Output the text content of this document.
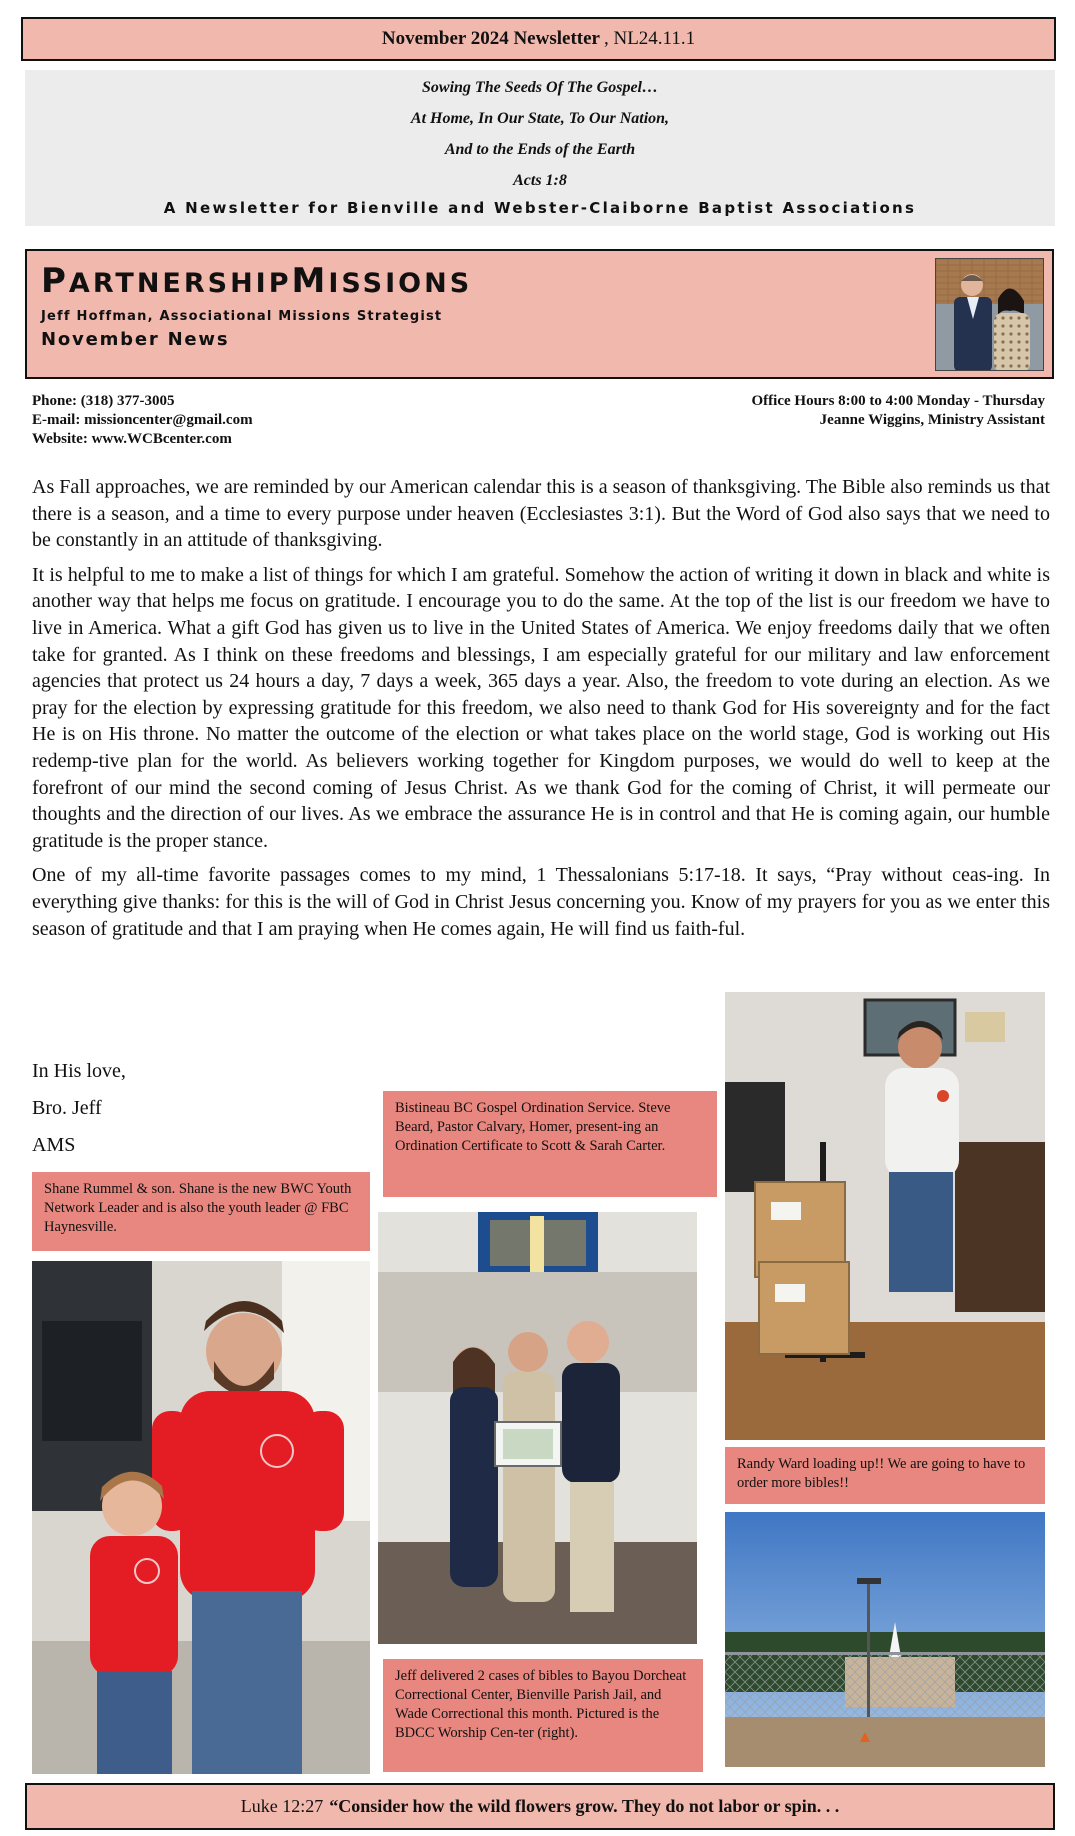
November 2024 Newsletter , NL24.11.1
Sowing The Seeds Of The Gospel…
At Home, In Our State, To Our Nation,
And to the Ends of the Earth
Acts 1:8
A Newsletter for Bienville and Webster-Claiborne Baptist Associations
PARTNERSHIPMISSIONS
Jeff Hoffman, Associational Missions Strategist
November News
Phone: (318) 377-3005
E-mail: missioncenter@gmail.com
Website: www.WCBcenter.com
Office Hours 8:00 to 4:00 Monday - Thursday
Jeanne Wiggins, Ministry Assistant

As Fall approaches, we are reminded by our American calendar this is a season of thanksgiving. The Bible also reminds us that there is a season, and a time to every purpose under heaven (Ecclesiastes 3:1). But the Word of God also says that we need to be constantly in an attitude of thanksgiving.

It is helpful to me to make a list of things for which I am grateful. Somehow the action of writing it down in black and white is another way that helps me focus on gratitude. I encourage you to do the same. At the top of the list is our freedom we have to live in America. What a gift God has given us to live in the United States of America. We enjoy freedoms daily that we often take for granted. As I think on these freedoms and blessings, I am especially grateful for our military and law enforcement agencies that protect us 24 hours a day, 7 days a week, 365 days a year. Also, the freedom to vote during an election. As we pray for the election by expressing gratitude for this freedom, we also need to thank God for His sovereignty and for the fact He is on His throne. No matter the outcome of the election or what takes place on the world stage, God is working out His redemp-tive plan for the world. As believers working together for Kingdom purposes, we would do well to keep at the forefront of our mind the second coming of Jesus Christ. As we thank God for the coming of Christ, it will permeate our thoughts and the direction of our lives. As we embrace the assurance He is in control and that He is coming again, our humble gratitude is the proper stance.

One of my all-time favorite passages comes to my mind, 1 Thessalonians 5:17-18. It says, “Pray without ceas-ing. In everything give thanks: for this is the will of God in Christ Jesus concerning you. Know of my prayers for you as we enter this season of gratitude and that I am praying when He comes again, He will find us faith-ful.

In His love,
Bro. Jeff
AMS
Shane Rummel & son. Shane is the new BWC Youth Network Leader and is also the youth leader @ FBC Haynesville.
Bistineau BC Gospel Ordination Service. Steve Beard, Pastor Calvary, Homer, present-ing an Ordination Certificate to Scott & Sarah Carter.
Jeff delivered 2 cases of bibles to Bayou Dorcheat Correctional Center, Bienville Parish Jail, and Wade Correctional this month. Pictured is the BDCC Worship Cen-ter (right).
Randy Ward loading up!! We are going to have to order more bibles!!
Luke 12:27 “Consider how the wild flowers grow. They do not labor or spin. . .
